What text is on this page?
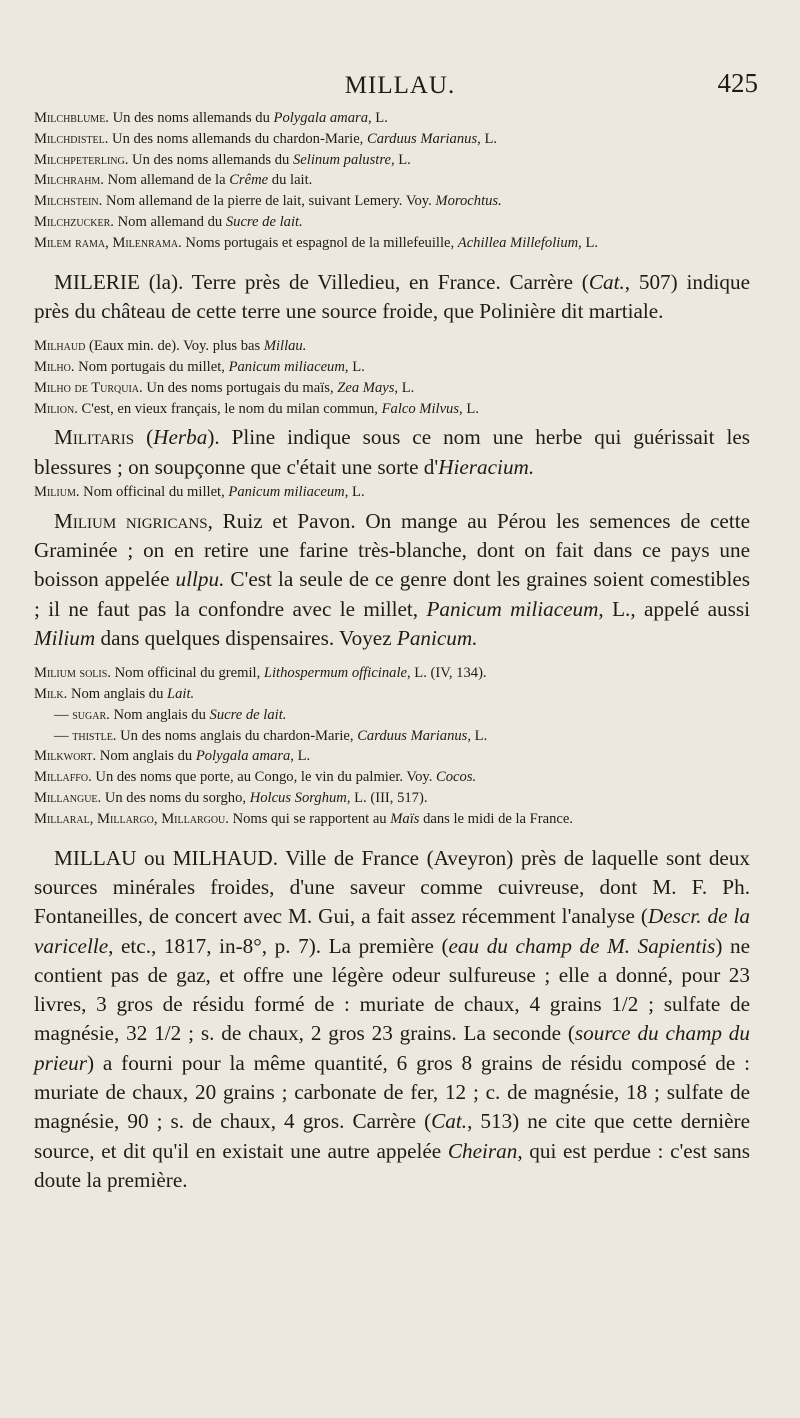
MILLAU.	425

Milchblume. Un des noms allemands du Polygala amara, L.

Milchdistel. Un des noms allemands du chardon-Marie, Carduus Marianus, L.

Milchpeterling. Un des noms allemands du Selinum palustre, L.

Milchrahm. Nom allemand de la Crême du lait.

Milchstein. Nom allemand de la pierre de lait, suivant Lemery. Voy. Morochtus.

Milchzucker. Nom allemand du Sucre de lait.

Milem rama, Milenrama. Noms portugais et espagnol de la millefeuille, Achillea Millefolium, L.

MILERIE (la). Terre près de Villedieu, en France. Carrère (Cat., 507) indique près du château de cette terre une source froide, que Polinière dit martiale.

Milhaud (Eaux min. de). Voy. plus bas Millau.

Milho. Nom portugais du millet, Panicum miliaceum, L.

Milho de Turquia. Un des noms portugais du maïs, Zea Mays, L.

Milion. C'est, en vieux français, le nom du milan commun, Falco Milvus, L.

Militaris (Herba). Pline indique sous ce nom une herbe qui guérissait les blessures ; on soupçonne que c'était une sorte d'Hieracium.

Milium. Nom officinal du millet, Panicum miliaceum, L.

Milium nigricans, Ruiz et Pavon. On mange au Pérou les semences de cette Graminée ; on en retire une farine très-blanche, dont on fait dans ce pays une boisson appelée ullpu. C'est la seule de ce genre dont les graines soient comestibles ; il ne faut pas la confondre avec le millet, Panicum miliaceum, L., appelé aussi Milium dans quelques dispensaires. Voyez Panicum.

Milium solis. Nom officinal du gremil, Lithospermum officinale, L. (IV, 134).

Milk. Nom anglais du Lait.

— sugar. Nom anglais du Sucre de lait.

— thistle. Un des noms anglais du chardon-Marie, Carduus Marianus, L.

Milkwort. Nom anglais du Polygala amara, L.

Millaffo. Un des noms que porte, au Congo, le vin du palmier. Voy. Cocos.

Millangue. Un des noms du sorgho, Holcus Sorghum, L. (III, 517).

Millaral, Millargo, Millargou. Noms qui se rapportent au Maïs dans le midi de la France.

MILLAU ou MILHAUD. Ville de France (Aveyron) près de laquelle sont deux sources minérales froides, d'une saveur comme cuivreuse, dont M. F. Ph. Fontaneilles, de concert avec M. Gui, a fait assez récemment l'analyse (Descr. de la varicelle, etc., 1817, in-8°, p. 7). La première (eau du champ de M. Sapientis) ne contient pas de gaz, et offre une légère odeur sulfureuse ; elle a donné, pour 23 livres, 3 gros de résidu formé de : muriate de chaux, 4 grains 1/2 ; sulfate de magnésie, 32 1/2 ; s. de chaux, 2 gros 23 grains. La seconde (source du champ du prieur) a fourni pour la même quantité, 6 gros 8 grains de résidu composé de : muriate de chaux, 20 grains ; carbonate de fer, 12 ; c. de magnésie, 18 ; sulfate de magnésie, 90 ; s. de chaux, 4 gros. Carrère (Cat., 513) ne cite que cette dernière source, et dit qu'il en existait une autre appelée Cheiran, qui est perdue : c'est sans doute la première.
